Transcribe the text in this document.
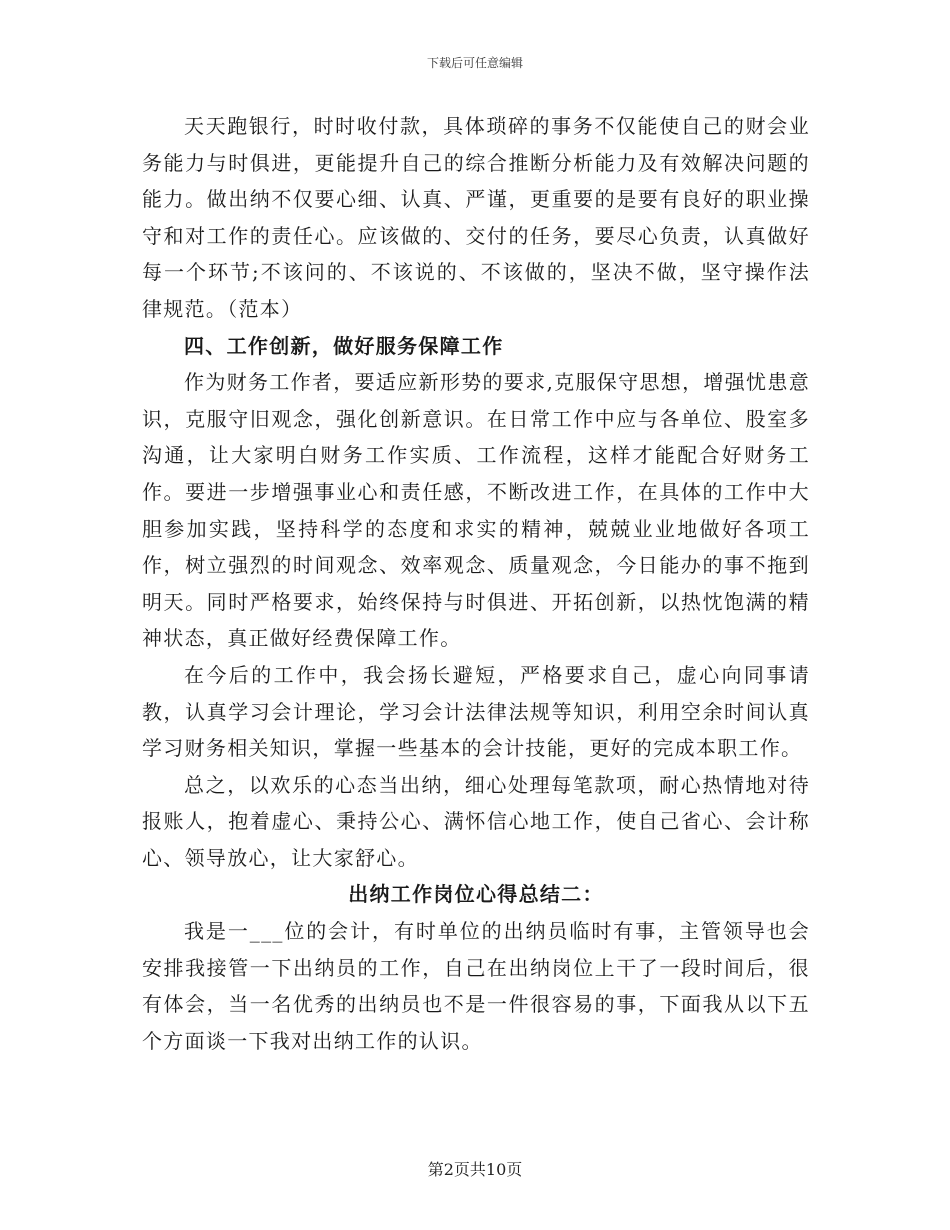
下载后可任意编辑

天天跑银行，时时收付款，具体琐碎的事务不仅能使自己的财会业务能力与时俱进，更能提升自己的综合推断分析能力及有效解决问题的能力。做出纳不仅要心细、认真、严谨，更重要的是要有良好的职业操守和对工作的责任心。应该做的、交付的任务，要尽心负责，认真做好每一个环节;不该问的、不该说的、不该做的，坚决不做，坚守操作法律规范。（范本）

四、工作创新，做好服务保障工作

作为财务工作者，要适应新形势的要求,克服保守思想，增强忧患意识，克服守旧观念，强化创新意识。在日常工作中应与各单位、股室多沟通，让大家明白财务工作实质、工作流程，这样才能配合好财务工作。要进一步增强事业心和责任感，不断改进工作，在具体的工作中大胆参加实践，坚持科学的态度和求实的精神，兢兢业业地做好各项工作，树立强烈的时间观念、效率观念、质量观念，今日能办的事不拖到明天。同时严格要求，始终保持与时俱进、开拓创新，以热忱饱满的精神状态，真正做好经费保障工作。

在今后的工作中，我会扬长避短，严格要求自己，虚心向同事请教，认真学习会计理论，学习会计法律法规等知识，利用空余时间认真学习财务相关知识，掌握一些基本的会计技能，更好的完成本职工作。

总之，以欢乐的心态当出纳，细心处理每笔款项，耐心热情地对待报账人，抱着虚心、秉持公心、满怀信心地工作，使自己省心、会计称心、领导放心，让大家舒心。

出纳工作岗位心得总结二：

我是一___位的会计，有时单位的出纳员临时有事，主管领导也会安排我接管一下出纳员的工作，自己在出纳岗位上干了一段时间后，很有体会，当一名优秀的出纳员也不是一件很容易的事，下面我从以下五个方面谈一下我对出纳工作的认识。

第2页共10页
